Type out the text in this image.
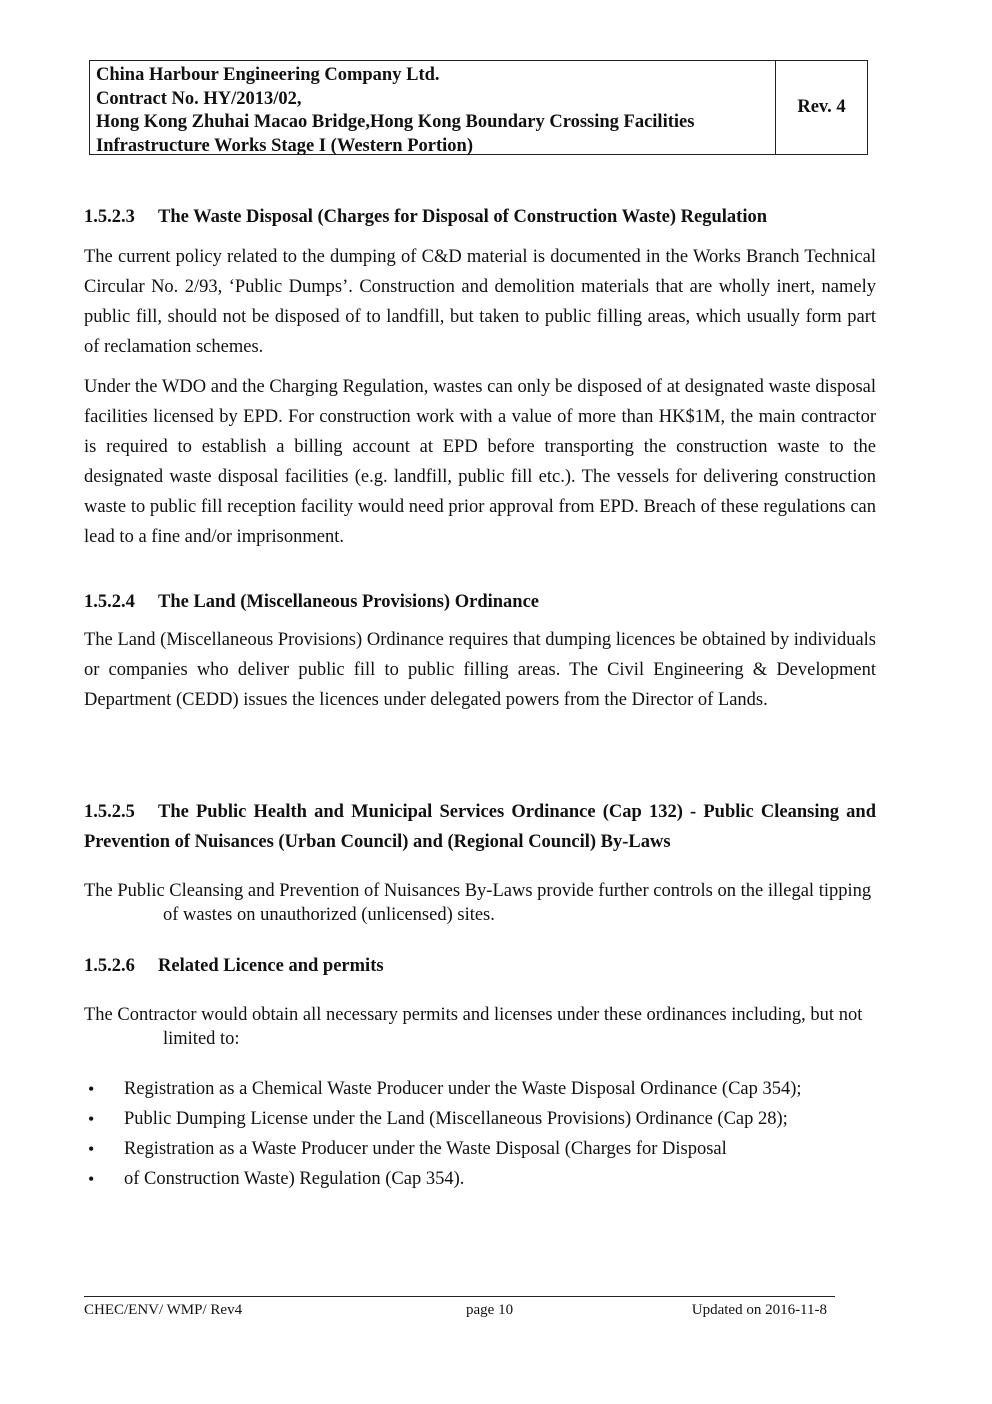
China Harbour Engineering Company Ltd.
Contract No. HY/2013/02,
Hong Kong Zhuhai Macao Bridge,Hong Kong Boundary Crossing Facilities
Infrastructure Works Stage I (Western Portion)
Rev. 4
1.5.2.3 The Waste Disposal (Charges for Disposal of Construction Waste) Regulation

The current policy related to the dumping of C&D material is documented in the Works Branch Technical Circular No. 2/93, ‘Public Dumps’. Construction and demolition materials that are wholly inert, namely public fill, should not be disposed of to landfill, but taken to public filling areas, which usually form part of reclamation schemes.

Under the WDO and the Charging Regulation, wastes can only be disposed of at designated waste disposal facilities licensed by EPD. For construction work with a value of more than HK$1M, the main contractor is required to establish a billing account at EPD before transporting the construction waste to the designated waste disposal facilities (e.g. landfill, public fill etc.). The vessels for delivering construction waste to public fill reception facility would need prior approval from EPD. Breach of these regulations can lead to a fine and/or imprisonment.

1.5.2.4 The Land (Miscellaneous Provisions) Ordinance

The Land (Miscellaneous Provisions) Ordinance requires that dumping licences be obtained by individuals or companies who deliver public fill to public filling areas. The Civil Engineering & Development Department (CEDD) issues the licences under delegated powers from the Director of Lands.

1.5.2.5 The Public Health and Municipal Services Ordinance (Cap 132) - Public Cleansing and Prevention of Nuisances (Urban Council) and (Regional Council) By-Laws

The Public Cleansing and Prevention of Nuisances By-Laws provide further controls on the illegal tipping of wastes on unauthorized (unlicensed) sites.

1.5.2.6 Related Licence and permits

The Contractor would obtain all necessary permits and licenses under these ordinances including, but not limited to:

• Registration as a Chemical Waste Producer under the Waste Disposal Ordinance (Cap 354);
• Public Dumping License under the Land (Miscellaneous Provisions) Ordinance (Cap 28);
• Registration as a Waste Producer under the Waste Disposal (Charges for Disposal
• of Construction Waste) Regulation (Cap 354).
CHEC/ENV/ WMP/ Rev4	page 10	Updated on 2016-11-8
